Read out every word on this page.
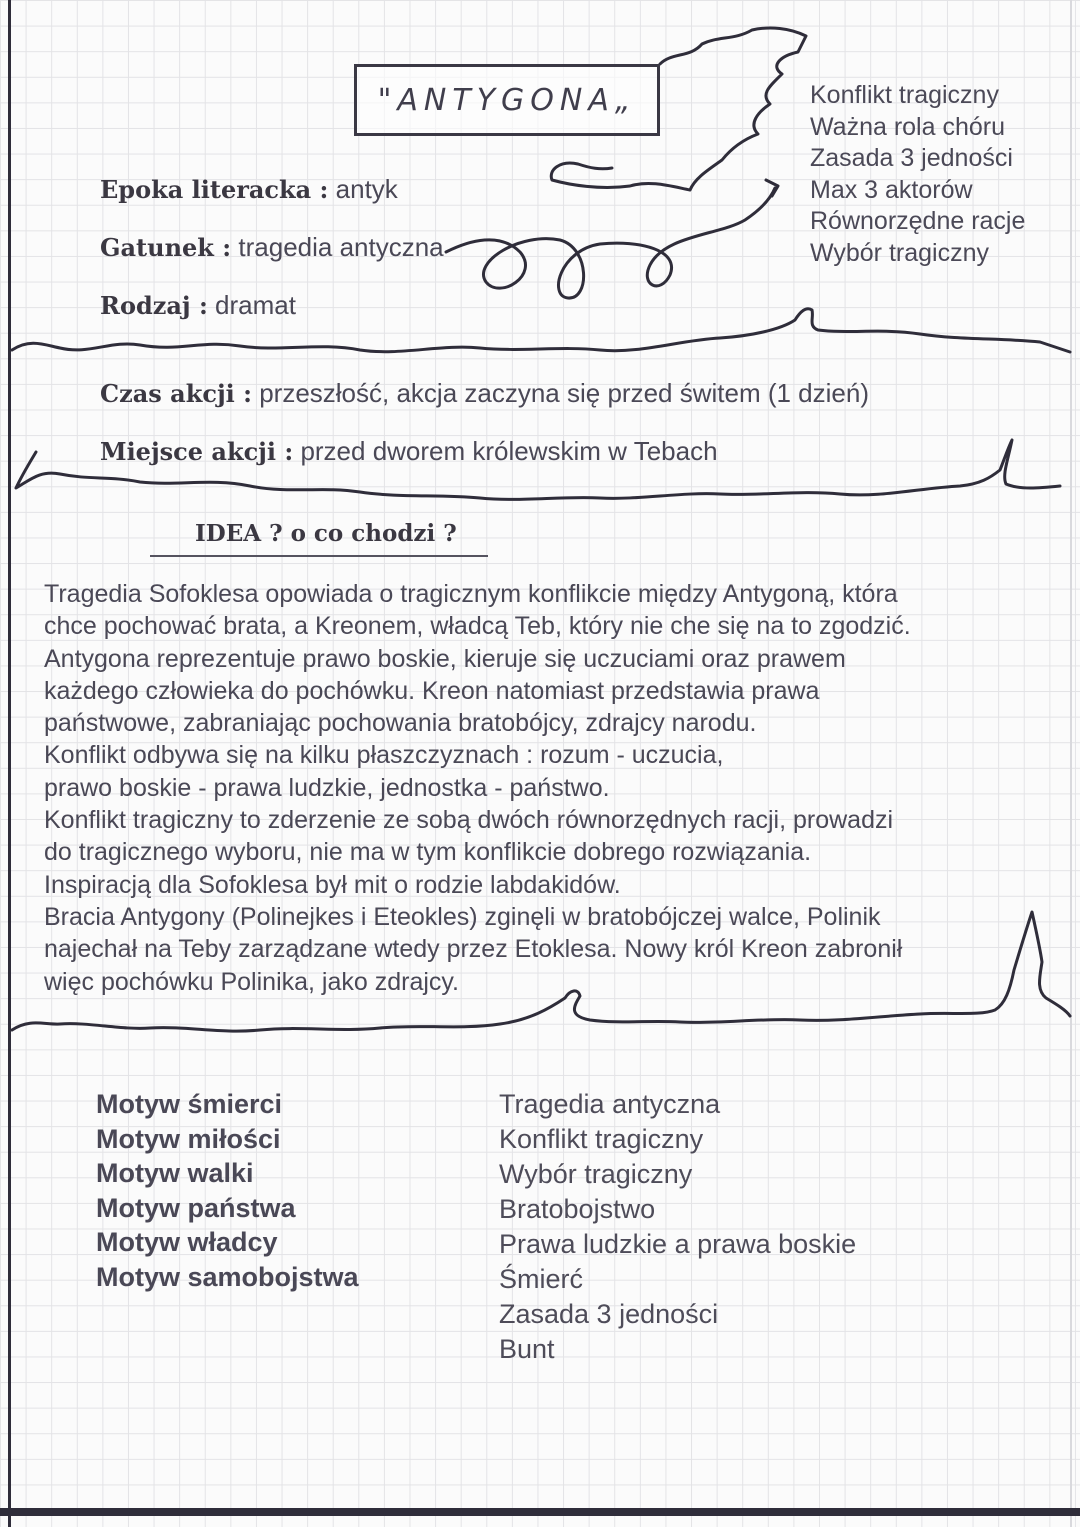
"ANTYGONA„
Epoka literacka : antyk
Gatunek : tragedia antyczna
Rodzaj : dramat
Konflikt tragiczny
Ważna rola chóru
Zasada 3 jedności
Max 3 aktorów
Równorzędne racje
Wybór tragiczny
Czas akcji : przeszłość, akcja zaczyna się przed świtem (1 dzień)
Miejsce akcji : przed dworem królewskim w Tebach
IDEA ? o co chodzi ?
Tragedia Sofoklesa opowiada o tragicznym konflikcie między Antygoną, która
chce pochować brata, a Kreonem, władcą Teb, który nie che się na to zgodzić.
Antygona reprezentuje prawo boskie, kieruje się uczuciami oraz prawem
każdego człowieka do pochówku. Kreon natomiast przedstawia prawa
państwowe, zabraniając pochowania bratobójcy, zdrajcy narodu.
Konflikt odbywa się na kilku płaszczyznach : rozum - uczucia,
prawo boskie - prawa ludzkie, jednostka - państwo.
Konflikt tragiczny to zderzenie ze sobą dwóch równorzędnych racji, prowadzi
do tragicznego wyboru, nie ma w tym konflikcie dobrego rozwiązania.
Inspiracją dla Sofoklesa był mit o rodzie labdakidów.
Bracia Antygony (Polinejkes i Eteokles) zginęli w bratobójczej walce, Polinik
najechał na Teby zarządzane wtedy przez Etoklesa. Nowy król Kreon zabronił
więc pochówku Polinika, jako zdrajcy.
Motyw śmierci
Motyw miłości
Motyw walki
Motyw państwa
Motyw władcy
Motyw samobojstwa
Tragedia antyczna
Konflikt tragiczny
Wybór tragiczny
Bratobojstwo
Prawa ludzkie a prawa boskie
Śmierć
Zasada 3 jedności
Bunt
